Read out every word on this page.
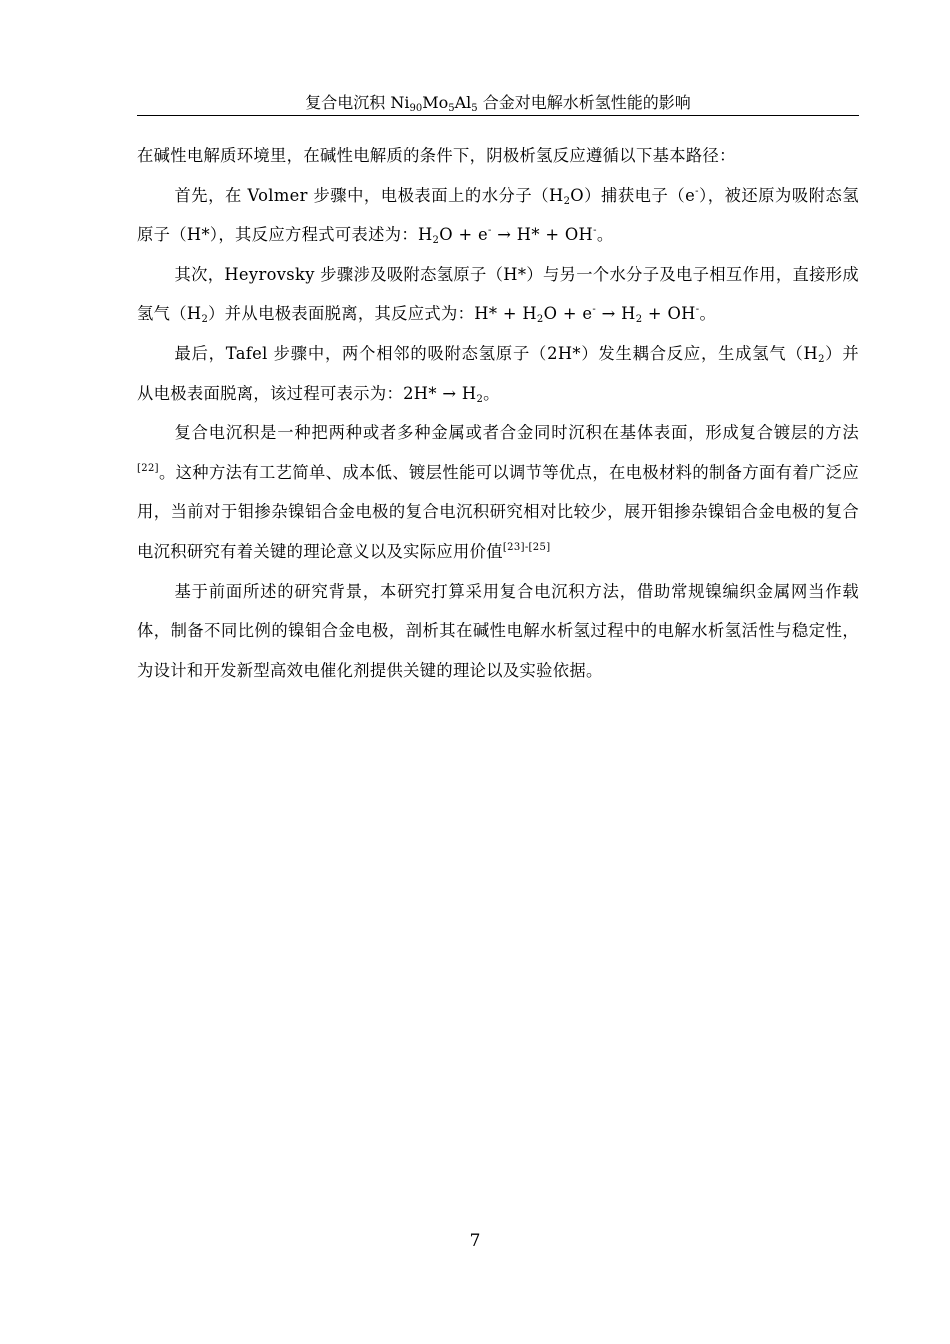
复合电沉积 $Ni_{90}Mo_5Al_5$ 合金对电解水析氢性能的影响

在碱性电解质环境里，在碱性电解质的条件下，阴极析氢反应遵循以下基本路径：

首先，在 Volmer 步骤中，电极表面上的水分子$(H_2O)$捕获电子（e-），被还原为吸附态氢原子（H*），其反应方程式可表述为：$H_2O + e^- \to H* + OH^-$。

其次，Heyrovsky 步骤涉及吸附态氢原子（H*）与另一个水分子及电子相互作用，直接形成氢气$(H_2)$并从电极表面脱离，其反应式为：$H* + H_2O + e^- \to H_2 + OH^-$。

最后，Tafel 步骤中，两个相邻的吸附态氢原子（2H*）发生耦合反应，生成氢气$(H_2)$并从电极表面脱离，该过程可表示为：$2H* \to H_2$。

复合电沉积是一种把两种或者多种金属或者合金同时沉积在基体表面，形成复合镀层的方法[22]。这种方法有工艺简单、成本低、镀层性能可以调节等优点，在电极材料的制备方面有着广泛应用，当前对于钼掺杂镍铝合金电极的复合电沉积研究相对比较少，展开钼掺杂镍铝合金电极的复合电沉积研究有着关键的理论意义以及实际应用价值[23]-[25]

基于前面所述的研究背景，本研究打算采用复合电沉积方法，借助常规镍编织金属网当作载体，制备不同比例的镍钼合金电极，剖析其在碱性电解水析氢过程中的电解水析氢活性与稳定性，为设计和开发新型高效电催化剂提供关键的理论以及实验依据。

7
